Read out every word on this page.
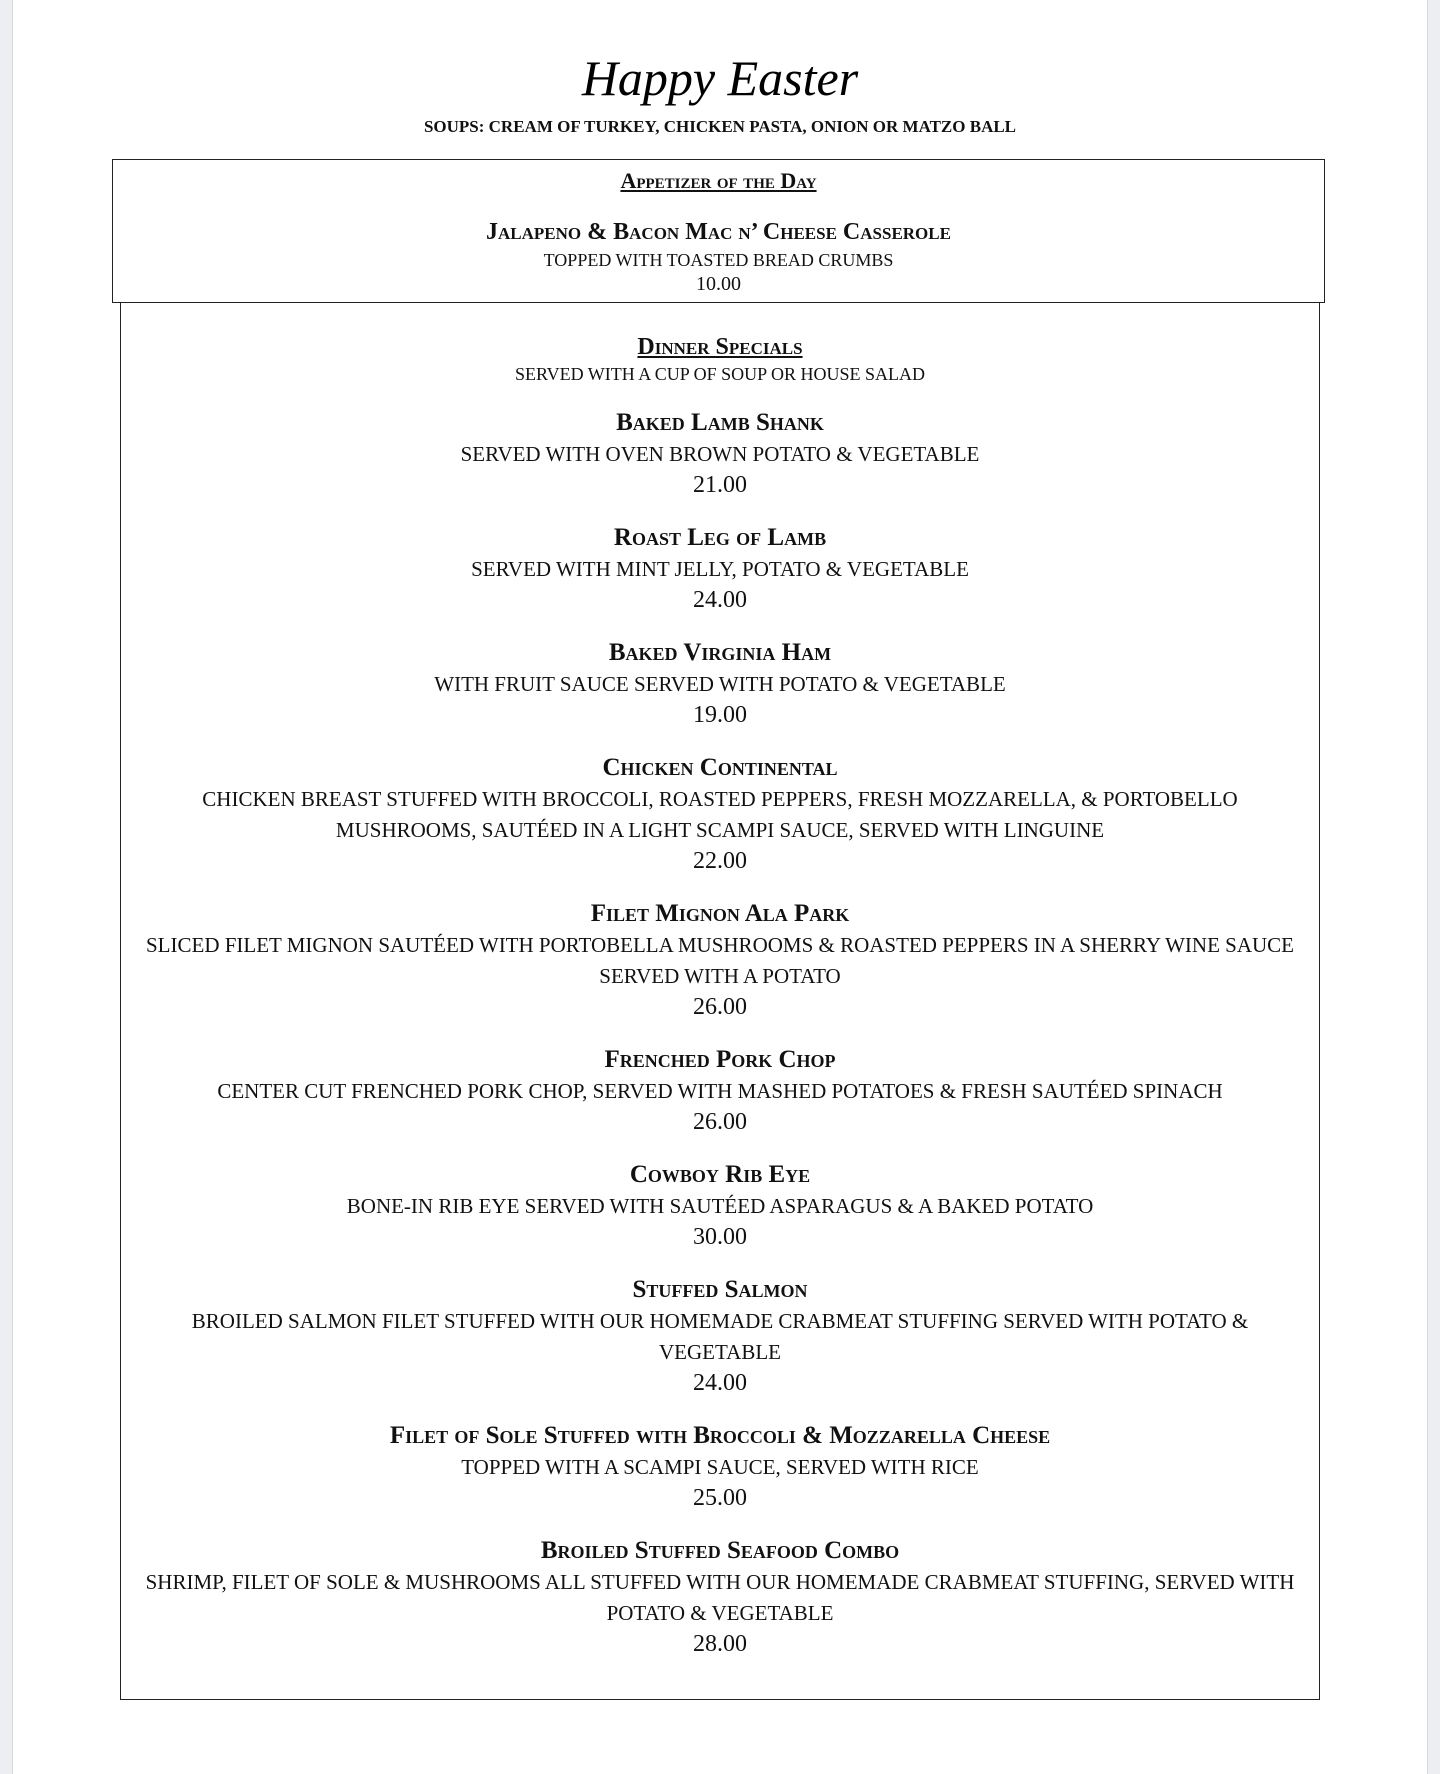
Happy Easter
SOUPS: CREAM OF TURKEY, CHICKEN PASTA, ONION OR MATZO BALL
Appetizer of the Day
Jalapeno & Bacon Mac n’ Cheese Casserole
TOPPED WITH TOASTED BREAD CRUMBS
10.00
Dinner Specials
SERVED WITH A CUP OF SOUP OR HOUSE SALAD
Baked Lamb Shank
SERVED WITH OVEN BROWN POTATO & VEGETABLE
21.00
Roast Leg of Lamb
SERVED WITH MINT JELLY, POTATO & VEGETABLE
24.00
Baked Virginia Ham
WITH FRUIT SAUCE SERVED WITH POTATO & VEGETABLE
19.00
Chicken Continental
CHICKEN BREAST STUFFED WITH BROCCOLI, ROASTED PEPPERS, FRESH MOZZARELLA, & PORTOBELLO MUSHROOMS, SAUTÉED IN A LIGHT SCAMPI SAUCE, SERVED WITH LINGUINE
22.00
Filet Mignon Ala Park
SLICED FILET MIGNON SAUTÉED WITH PORTOBELLA MUSHROOMS & ROASTED PEPPERS IN A SHERRY WINE SAUCE SERVED WITH A POTATO
26.00
Frenched Pork Chop
CENTER CUT FRENCHED PORK CHOP, SERVED WITH MASHED POTATOES & FRESH SAUTÉED SPINACH
26.00
Cowboy Rib Eye
BONE-IN RIB EYE SERVED WITH SAUTÉED ASPARAGUS & A BAKED POTATO
30.00
Stuffed Salmon
BROILED SALMON FILET STUFFED WITH OUR HOMEMADE CRABMEAT STUFFING SERVED WITH POTATO & VEGETABLE
24.00
Filet of Sole Stuffed with Broccoli & Mozzarella Cheese
TOPPED WITH A SCAMPI SAUCE, SERVED WITH RICE
25.00
Broiled Stuffed Seafood Combo
SHRIMP, FILET OF SOLE & MUSHROOMS ALL STUFFED WITH OUR HOMEMADE CRABMEAT STUFFING, SERVED WITH POTATO & VEGETABLE
28.00
